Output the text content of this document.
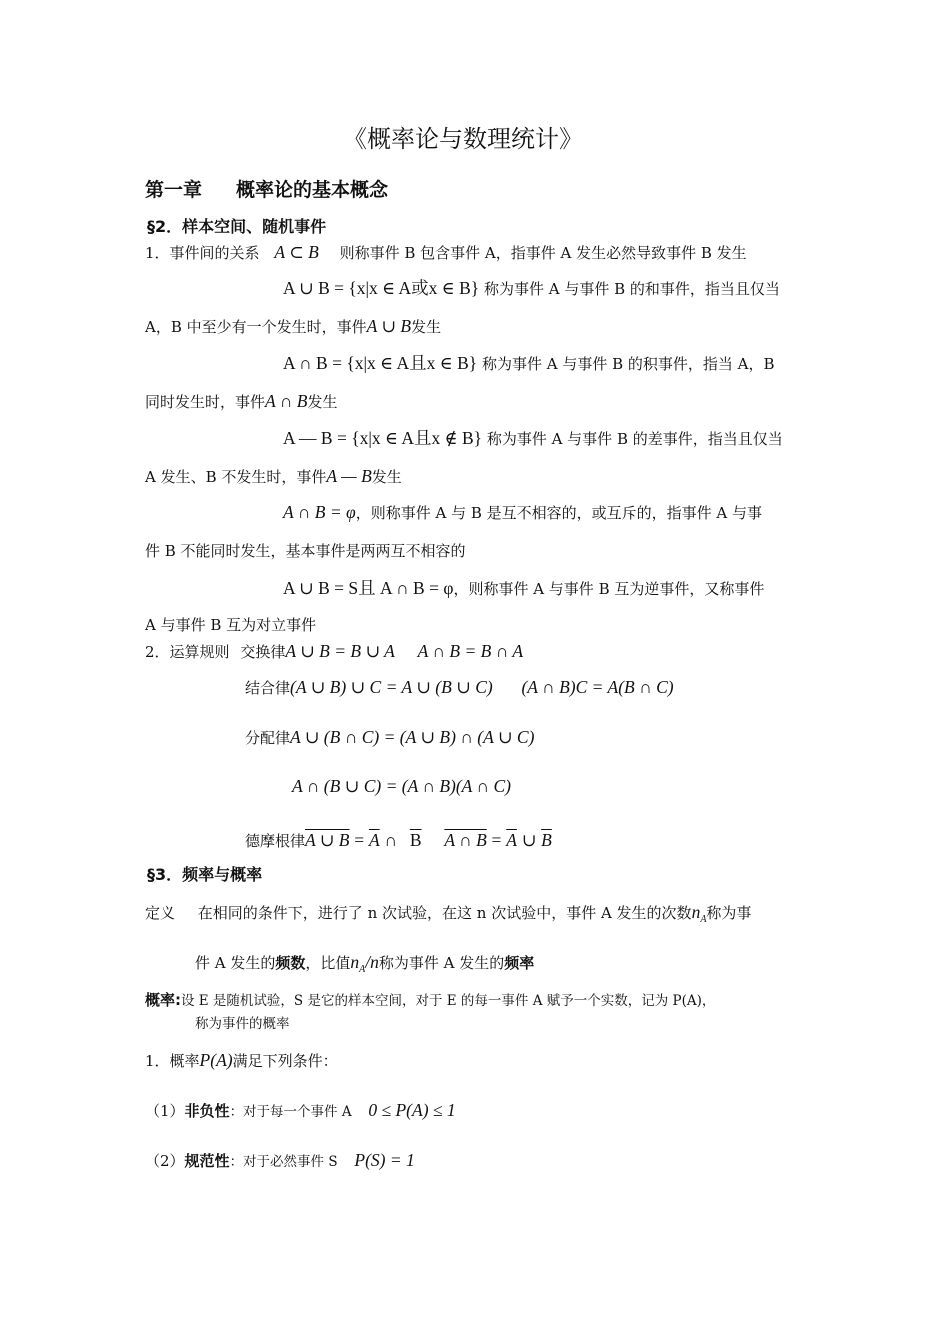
《概率论与数理统计》
第一章 概率论的基本概念
§2．样本空间、随机事件
1．事件间的关系 A ⊂ B 则称事件 B 包含事件 A，指事件 A 发生必然导致事件 B 发生
A ∪ B = {x|x ∈ A或x ∈ B} 称为事件 A 与事件 B 的和事件，指当且仅当
A，B 中至少有一个发生时，事件A ∪ B发生
A ∩ B = {x|x ∈ A且x ∈ B} 称为事件 A 与事件 B 的积事件，指当 A，B
同时发生时，事件A ∩ B发生
A — B = {x|x ∈ A且x ∉ B} 称为事件 A 与事件 B 的差事件，指当且仅当
A 发生、B 不发生时，事件A — B发生
A ∩ B = φ，则称事件 A 与 B 是互不相容的，或互斥的，指事件 A 与事
件 B 不能同时发生，基本事件是两两互不相容的
A ∪ B = S且 A ∩ B = φ，则称事件 A 与事件 B 互为逆事件，又称事件
A 与事件 B 互为对立事件
2．运算规则 交换律A ∪ B = B ∪ A A ∩ B = B ∩ A
结合律(A ∪ B) ∪ C = A ∪ (B ∪ C) (A ∩ B)C = A(B ∩ C)
分配律A ∪ (B ∩ C) = (A ∪ B) ∩ (A ∪ C)
A ∩ (B ∪ C) = (A ∩ B)(A ∩ C)
德摩根律A ∪ $B = \overline{A}$ ∩ $\overline{B}$ A ∩ $B = \overline{A}$ ∪ $\overline{B}$
§3．频率与概率
定义 在相同的条件下，进行了 n 次试验，在这 n 次试验中，事件 A 发生的次数$n_A$称为事
件 A 发生的频数，比值$n_A/n$称为事件 A 发生的频率
概率:设 E 是随机试验，S 是它的样本空间，对于 E 的每一事件 A 赋予一个实数，记为 P(A)，
称为事件的概率
1．概率P(A)满足下列条件：
（1）非负性：对于每一个事件 A 0 ≤ P(A) ≤ 1
（2）规范性：对于必然事件 S P(S) = 1
